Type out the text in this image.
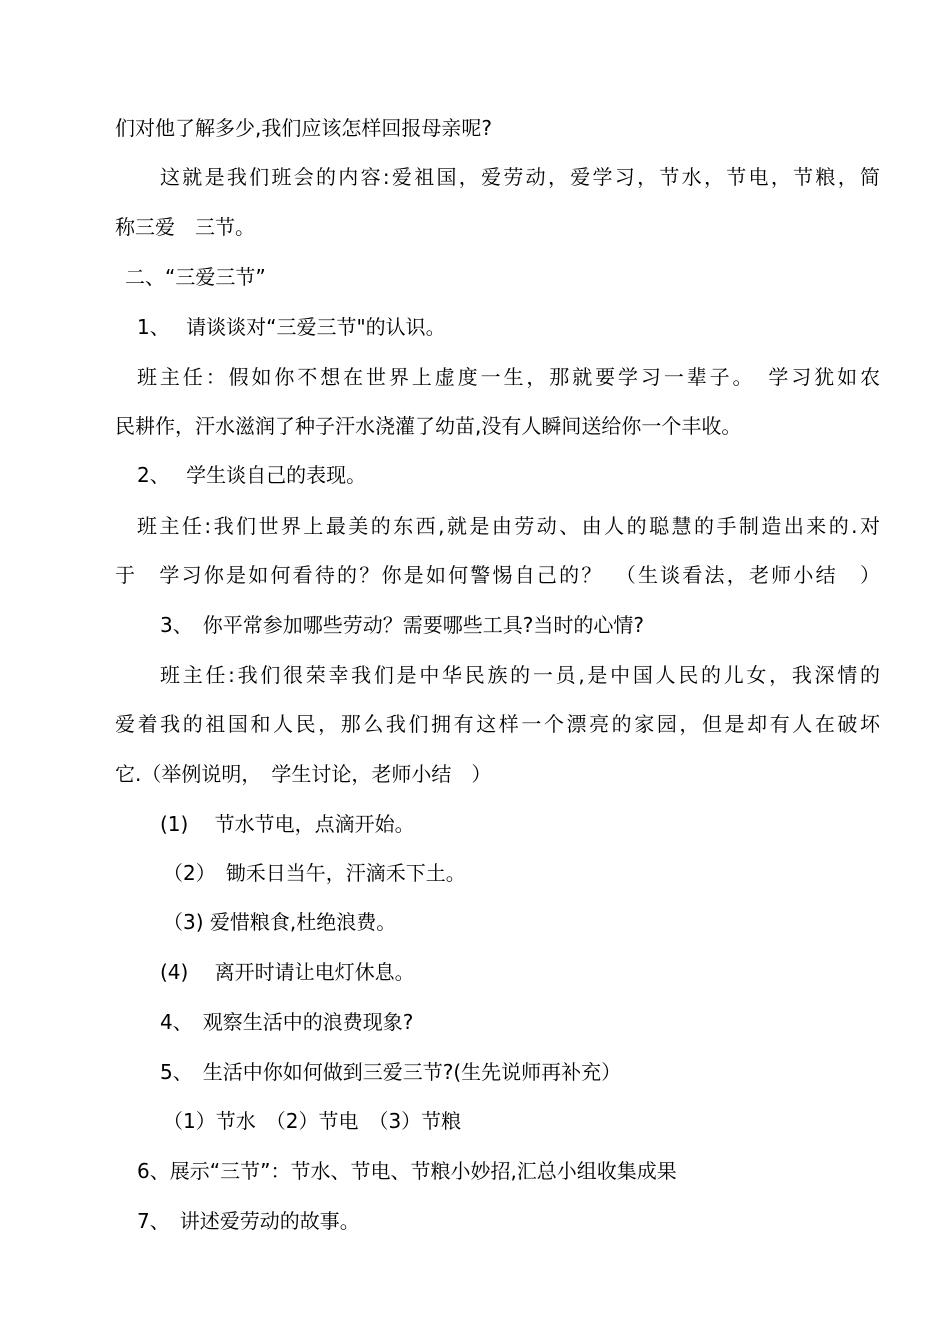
们对他了解多少,我们应该怎样回报母亲呢?
这就是我们班会的内容:爱祖国，爱劳动，爱学习，节水，节电，节粮，简
称三爱　三节。
二、“三爱三节”
1、　 请谈谈对“三爱三节"的认识。
班主任：假如你不想在世界上虚度一生，那就要学习一辈子。　学习犹如农
民耕作，汗水滋润了种子汗水浇灌了幼苗,没有人瞬间送给你一个丰收。
2、　 学生谈自己的表现。
班主任:我们世界上最美的东西,就是由劳动、由人的聪慧的手制造出来的.对
于　学习你是如何看待的？你是如何警惕自己的？　（生谈看法，老师小结　）
3、　你平常参加哪些劳动？需要哪些工具?当时的心情?
班主任:我们很荣幸我们是中华民族的一员,是中国人民的儿女，我深情的
爱着我的祖国和人民，那么我们拥有这样一个漂亮的家园，但是却有人在破坏
它.（举例说明，　学生讨论，老师小结　）
(1)　 节水节电，点滴开始。
（2）　锄禾日当午，汗滴禾下土。
（3) 爱惜粮食,杜绝浪费。
(4)　 离开时请让电灯休息。
4、　观察生活中的浪费现象?
5、　生活中你如何做到三爱三节?(生先说师再补充）
（1）节水　（2）节电　（3）节粮
6、展示“三节”：节水、节电、节粮小妙招,汇总小组收集成果
7、　讲述爱劳动的故事。
